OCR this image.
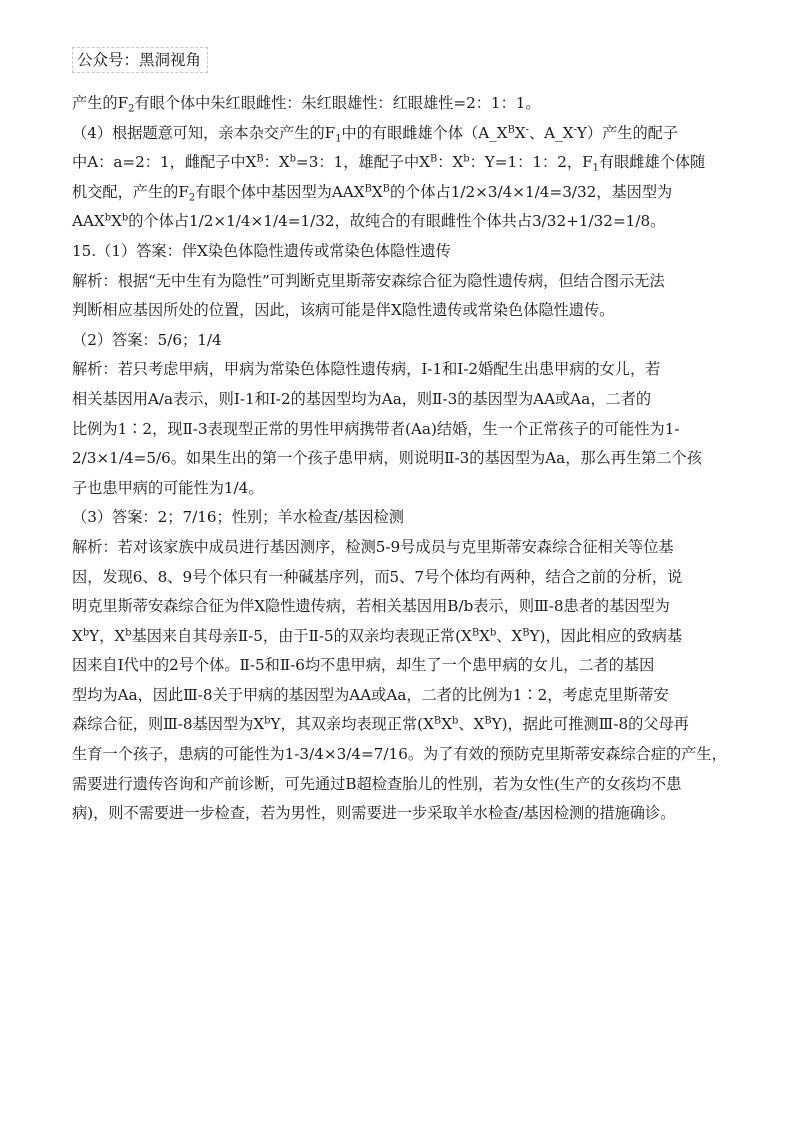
公众号：黑洞视角
产生的$F_2$有眼个体中朱红眼雌性：朱红眼雄性：红眼雄性=2：1：1。
（4）根据题意可知，亲本杂交产生的$F_1$中的有眼雌雄个体（$A\_X^BX^-$、A_X-Y）产生的配子
中A：a=2：1，雌配子中$X^B$：$X^b=3$：1，雄配子中$X^B$：$X^b$：Y=1：1：2，$F_1$有眼雌雄个体随
机交配，产生的$F_2$有眼个体中基因型为$AAX^BX^B$的个体占1/2×3/4×1/4=3/32，基因型为
$AAX^bX^b$的个体占1/2×1/4×1/4=1/32，故纯合的有眼雌性个体共占3/32+1/32=1/8。
15.（1）答案：伴X染色体隐性遗传或常染色体隐性遗传
解析：根据“无中生有为隐性”可判断克里斯蒂安森综合征为隐性遗传病，但结合图示无法
判断相应基因所处的位置，因此，该病可能是伴X隐性遗传或常染色体隐性遗传。
（2）答案：5/6；1/4
解析：若只考虑甲病，甲病为常染色体隐性遗传病，Ⅰ-1和Ⅰ-2婚配生出患甲病的女儿，若
相关基因用A/a表示，则Ⅰ-1和Ⅰ-2的基因型均为Aa，则Ⅱ-3的基因型为AA或Aa，二者的
比例为1∶2，现Ⅱ-3表现型正常的男性甲病携带者(Aa)结婚，生一个正常孩子的可能性为1-
2/3×1/4=5/6。如果生出的第一个孩子患甲病，则说明Ⅱ-3的基因型为Aa，那么再生第二个孩
子也患甲病的可能性为1/4。
（3）答案：2；7/16；性别；羊水检查/基因检测
解析：若对该家族中成员进行基因测序，检测5-9号成员与克里斯蒂安森综合征相关等位基
因，发现6、8、9号个体只有一种碱基序列，而5、7号个体均有两种，结合之前的分析，说
明克里斯蒂安森综合征为伴X隐性遗传病，若相关基因用B/b表示，则Ⅲ-8患者的基因型为
$X^bY$，$X^b$基因来自其母亲Ⅱ-5，由于Ⅱ-5的双亲均表现正常($X^BX^b$、$X^BY$)，因此相应的致病基
因来自I代中的2号个体。Ⅱ-5和Ⅱ-6均不患甲病，却生了一个患甲病的女儿，二者的基因
型均为Aa，因此Ⅲ-8关于甲病的基因型为AA或Aa，二者的比例为1∶2，考虑克里斯蒂安
森综合征，则Ⅲ-8基因型为$X^bY$，其双亲均表现正常($X^BX^b$、$X^BY$)，据此可推测Ⅲ-8的父母再
生育一个孩子，患病的可能性为1-3/4×3/4=7/16。为了有效的预防克里斯蒂安森综合症的产生，
需要进行遗传咨询和产前诊断，可先通过B超检查胎儿的性别，若为女性(生产的女孩均不患
病)，则不需要进一步检查，若为男性，则需要进一步采取羊水检查/基因检测的措施确诊。
